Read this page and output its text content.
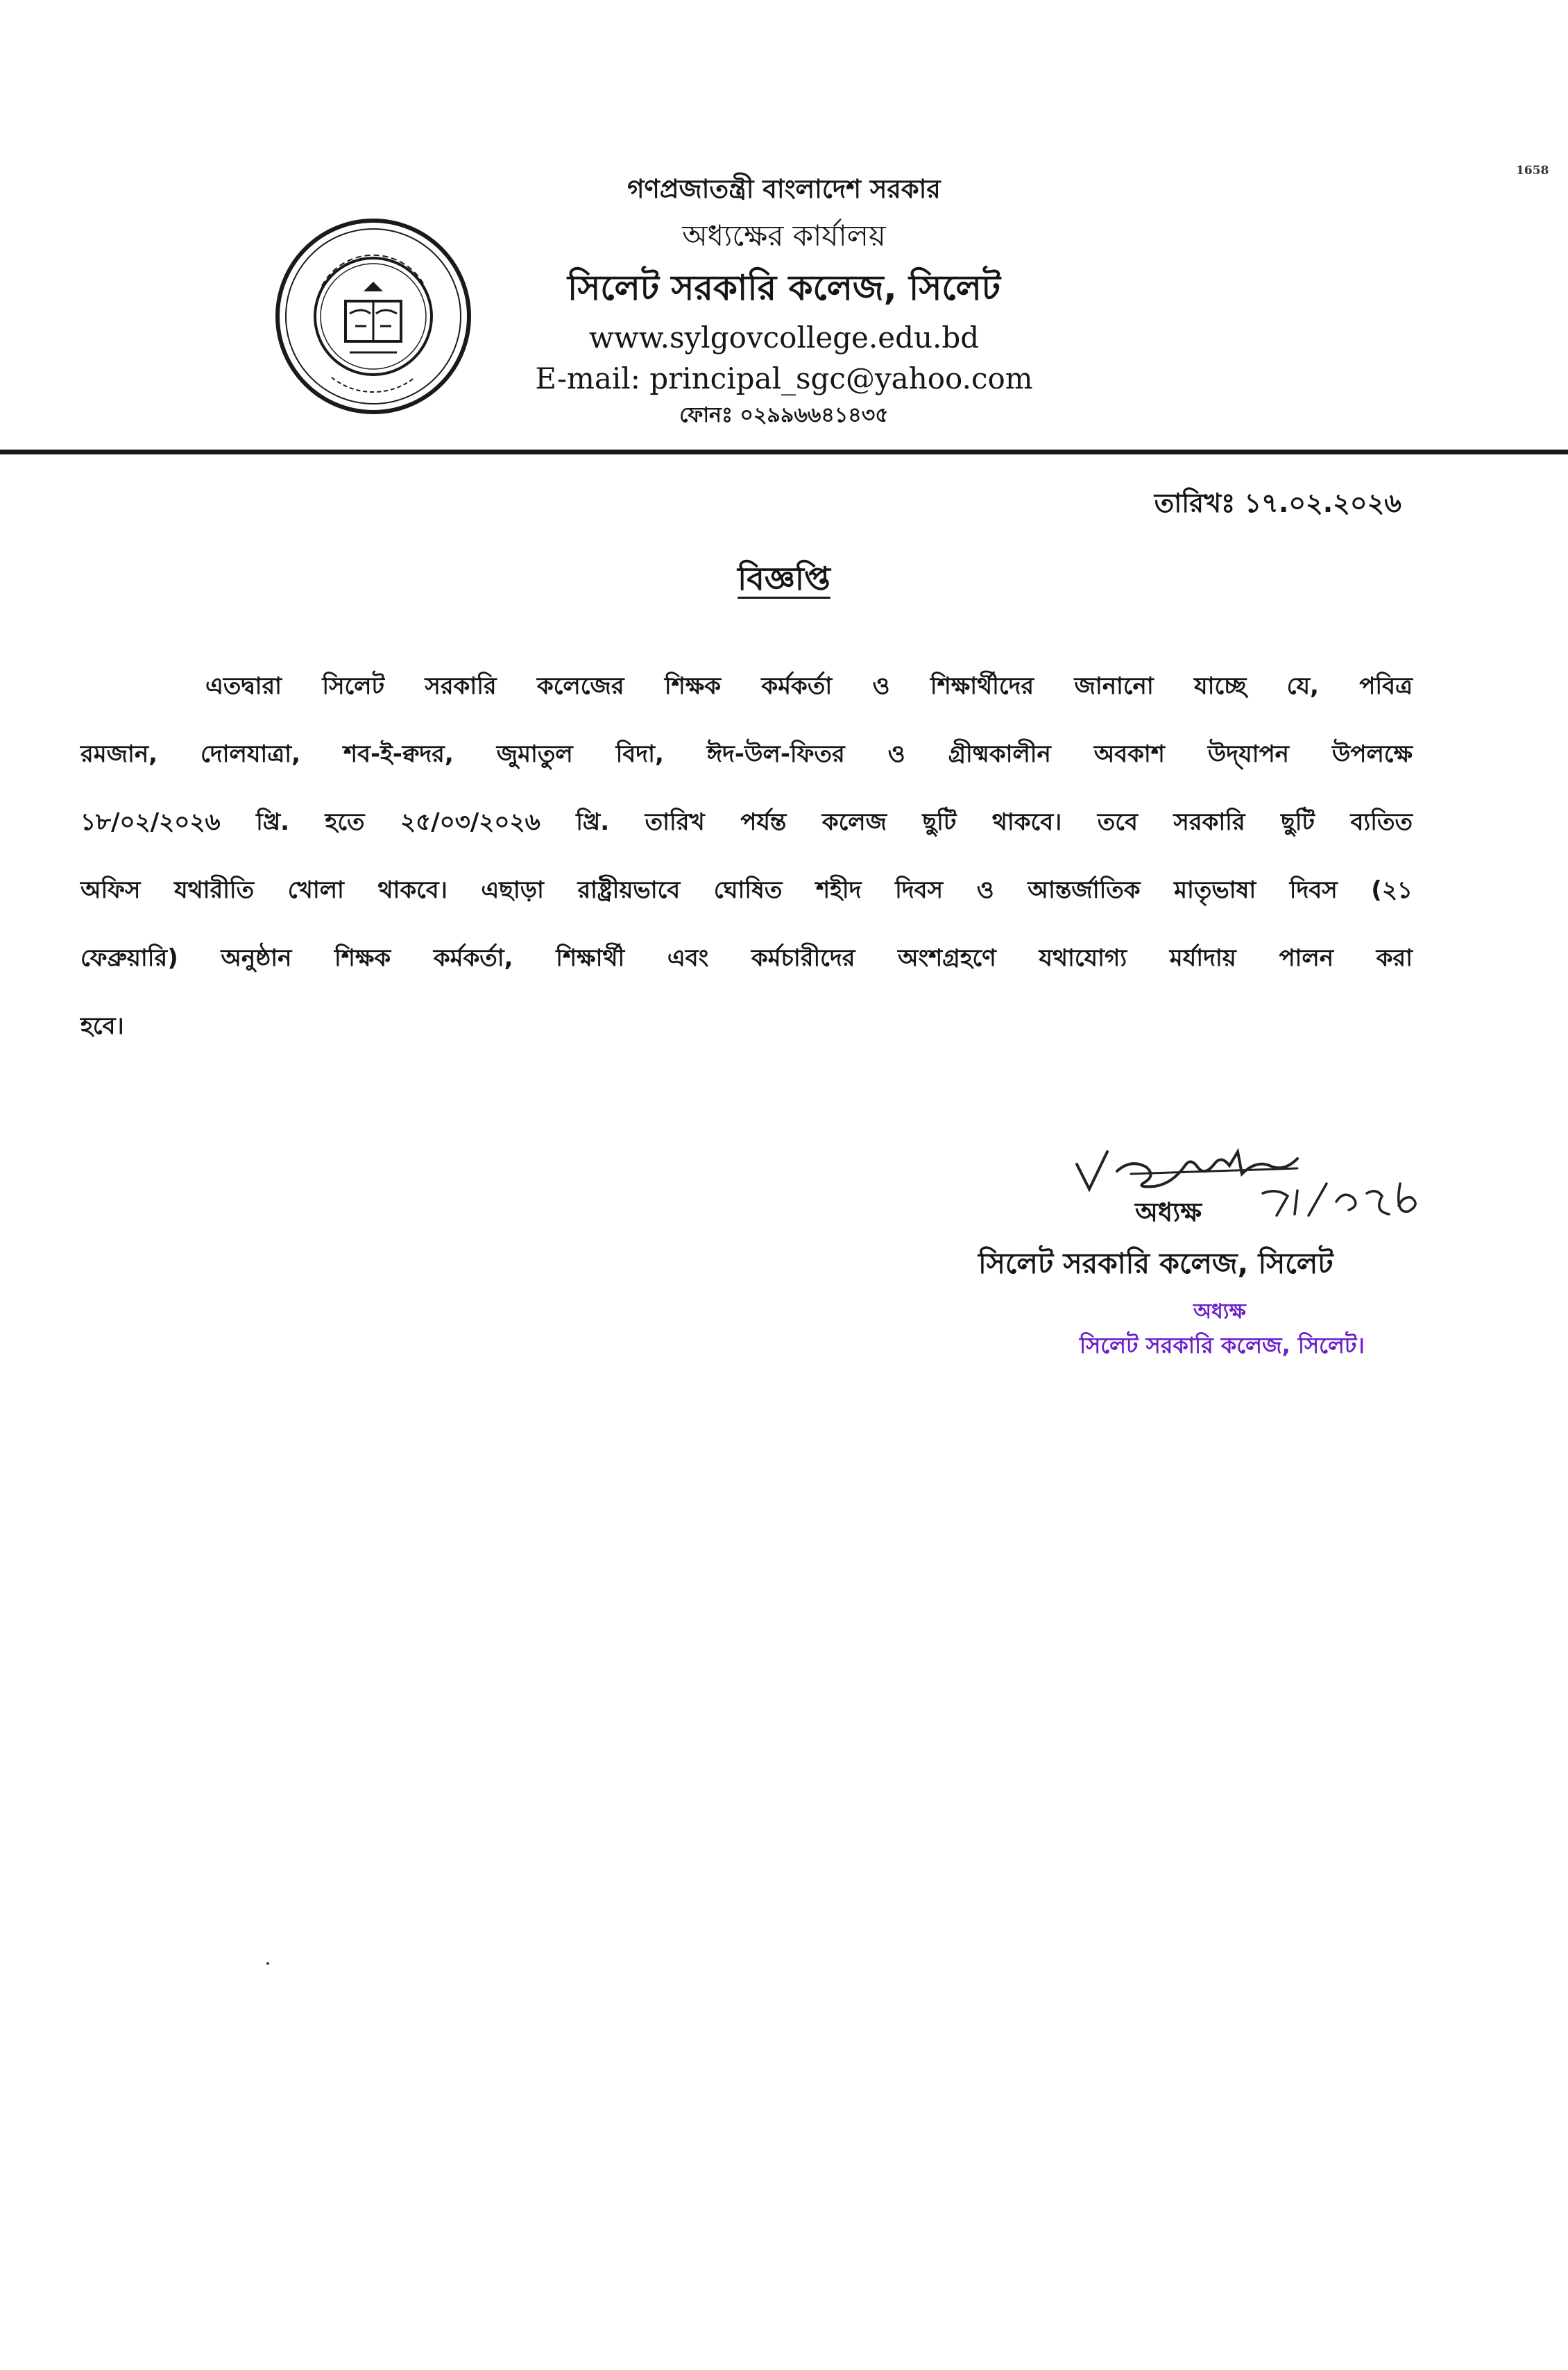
1658
গণপ্রজাতন্ত্রী বাংলাদেশ সরকার
অধ্যক্ষের কার্যালয়
সিলেট সরকারি কলেজ, সিলেট
www.sylgovcollege.edu.bd
E-mail: principal_sgc@yahoo.com
ফোনঃ ০২৯৯৬৬৪১৪৩৫
তারিখঃ ১৭.০২.২০২৬
বিজ্ঞপ্তি
এতদ্বারা সিলেট সরকারি কলেজের শিক্ষক কর্মকর্তা ও শিক্ষার্থীদের জানানো যাচ্ছে যে, পবিত্র
রমজান, দোলযাত্রা, শব-ই-ক্বদর, জুমাতুল বিদা, ঈদ-উল-ফিতর ও গ্রীষ্মকালীন অবকাশ উদ্‌যাপন উপলক্ষে
১৮/০২/২০২৬ খ্রি. হতে ২৫/০৩/২০২৬ খ্রি. তারিখ পর্যন্ত কলেজ ছুটি থাকবে। তবে সরকারি ছুটি ব্যতিত
অফিস যথারীতি খোলা থাকবে। এছাড়া রাষ্ট্রীয়ভাবে ঘোষিত শহীদ দিবস ও আন্তর্জাতিক মাতৃভাষা দিবস (২১
ফেব্রুয়ারি) অনুষ্ঠান শিক্ষক কর্মকর্তা, শিক্ষার্থী এবং কর্মচারীদের অংশগ্রহণে যথাযোগ্য মর্যাদায় পালন করা
হবে।
অধ্যক্ষ
সিলেট সরকারি কলেজ, সিলেট
অধ্যক্ষ
সিলেট সরকারি কলেজ, সিলেট।
